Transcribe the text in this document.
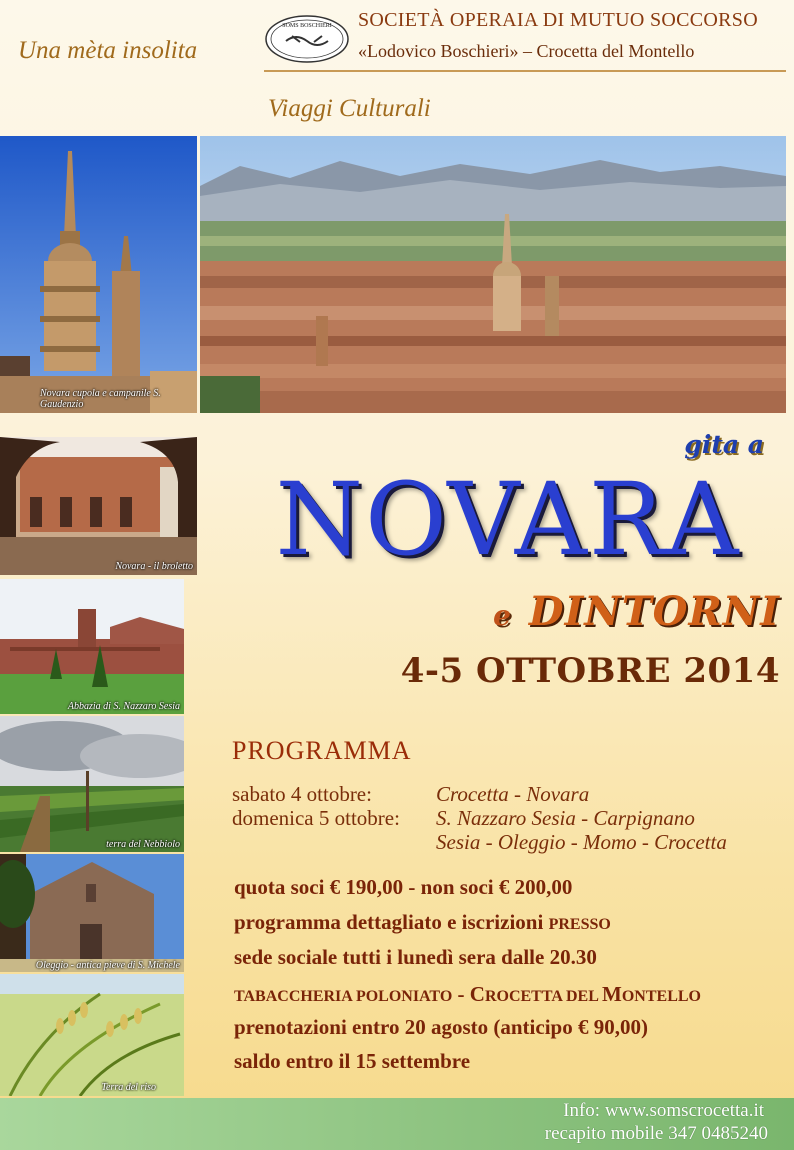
Una mèta insolita
SOMS BOSCHIERI SOCIETÀ OPERAIA DI MUTUO SOCCORSO
«Lodovico Boschieri» – Crocetta del Montello
Viaggi Culturali
Novara cupola e campanile S. Gaudenzio
Novara - il broletto
Abbazia di S. Nazzaro Sesia
terra del Nebbiolo
Oleggio - antica pieve di S. Michele
Terra del riso
gita a
NOVARA
e DINTORNI
4-5 OTTOBRE 2014
PROGRAMMA
sabato 4 ottobre:	Crocetta - Novara
domenica 5 ottobre: S. Nazzaro Sesia - Carpignano
Sesia - Oleggio - Momo - Crocetta
quota soci € 190,00 - non soci € 200,00
programma dettagliato e iscrizioni PRESSO
sede sociale tutti i lunedì sera dalle 20.30
TABACCHERIA POLONIATO - CROCETTA DEL MONTELLO
prenotazioni entro 20 agosto (anticipo € 90,00)
saldo entro il 15 settembre
Info: www.somscrocetta.it
recapito mobile 347 0485240
